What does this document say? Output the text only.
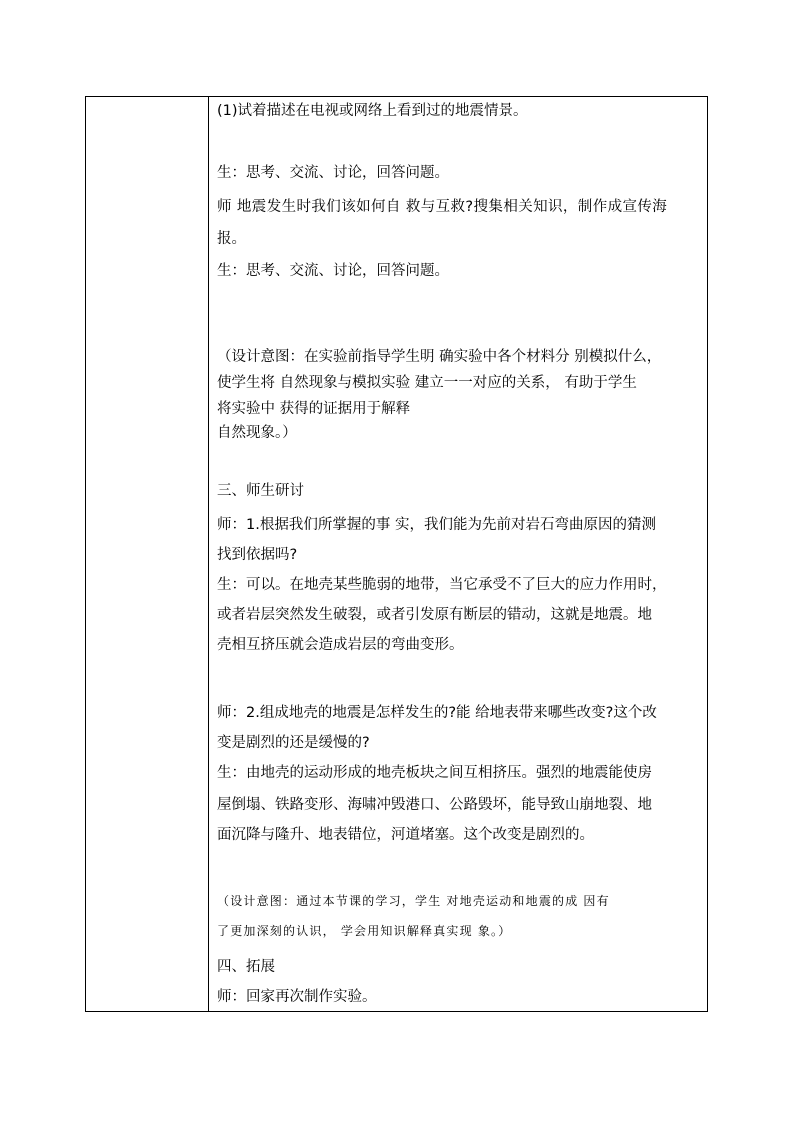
(1)试着描述在电视或网络上看到过的地震情景。
生：思考、交流、讨论，回答问题。
师 地震发生时我们该如何自 救与互救?搜集相关知识，制作成宣传海
报。
生：思考、交流、讨论，回答问题。
（设计意图：在实验前指导学生明 确实验中各个材料分 别模拟什么，
使学生将 自然现象与模拟实验 建立一一对应的关系， 有助于学生
将实验中 获得的证据用于解释
自然现象。）
三、师生研讨
师：1.根据我们所掌握的事 实，我们能为先前对岩石弯曲原因的猜测
找到依据吗?
生：可以。在地壳某些脆弱的地带，当它承受不了巨大的应力作用时，
或者岩层突然发生破裂，或者引发原有断层的错动，这就是地震。地
壳相互挤压就会造成岩层的弯曲变形。
师：2.组成地壳的地震是怎样发生的?能 给地表带来哪些改变?这个改
变是剧烈的还是缓慢的?
生：由地壳的运动形成的地壳板块之间互相挤压。强烈的地震能使房
屋倒塌、铁路变形、海啸冲毁港口、公路毁坏，能导致山崩地裂、地
面沉降与隆升、地表错位，河道堵塞。这个改变是剧烈的。
（设计意图：通过本节课的学习，学生 对地壳运动和地震的成 因有
了更加深刻的认识， 学会用知识解释真实现 象。）
四、拓展
师：回家再次制作实验。
